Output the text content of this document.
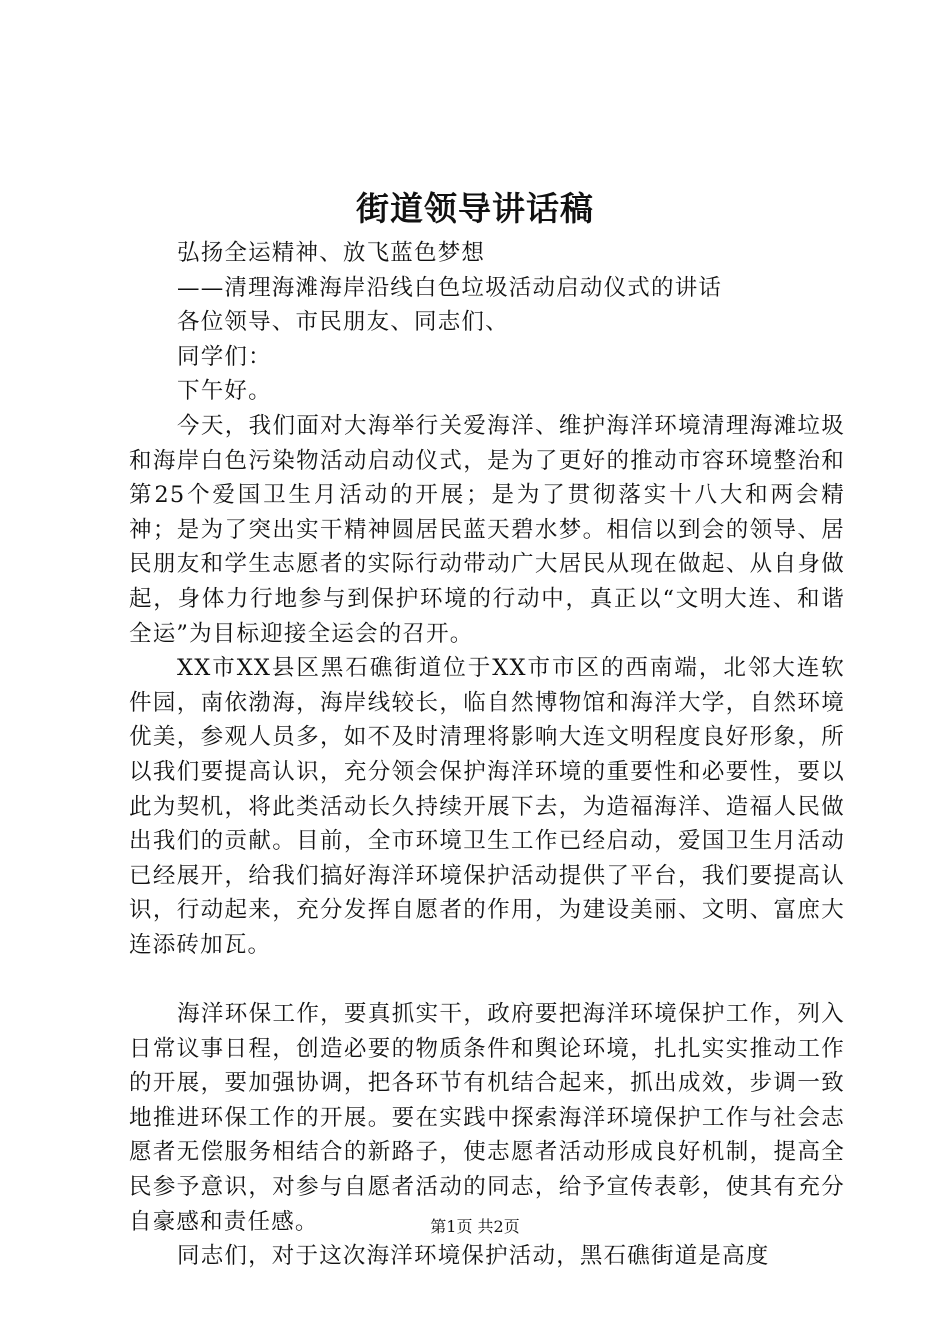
街道领导讲话稿
弘扬全运精神、放飞蓝色梦想
——清理海滩海岸沿线白色垃圾活动启动仪式的讲话
各位领导、市民朋友、同志们、
同学们：
下午好。

今天，我们面对大海举行关爱海洋、维护海洋环境清理海滩垃圾和海岸白色污染物活动启动仪式，是为了更好的推动市容环境整治和第25个爱国卫生月活动的开展；是为了贯彻落实十八大和两会精神；是为了突出实干精神圆居民蓝天碧水梦。相信以到会的领导、居民朋友和学生志愿者的实际行动带动广大居民从现在做起、从自身做起，身体力行地参与到保护环境的行动中，真正以“文明大连、和谐全运”为目标迎接全运会的召开。

XX市XX县区黑石礁街道位于XX市市区的西南端，北邻大连软件园，南依渤海，海岸线较长，临自然博物馆和海洋大学，自然环境优美，参观人员多，如不及时清理将影响大连文明程度良好形象，所以我们要提高认识，充分领会保护海洋环境的重要性和必要性，要以此为契机，将此类活动长久持续开展下去，为造福海洋、造福人民做出我们的贡献。目前，全市环境卫生工作已经启动，爱国卫生月活动已经展开，给我们搞好海洋环境保护活动提供了平台，我们要提高认识，行动起来，充分发挥自愿者的作用，为建设美丽、文明、富庶大连添砖加瓦。

海洋环保工作，要真抓实干，政府要把海洋环境保护工作，列入日常议事日程，创造必要的物质条件和舆论环境，扎扎实实推动工作的开展，要加强协调，把各环节有机结合起来，抓出成效，步调一致地推进环保工作的开展。要在实践中探索海洋环境保护工作与社会志愿者无偿服务相结合的新路子，使志愿者活动形成良好机制，提高全民参予意识，对参与自愿者活动的同志，给予宣传表彰，使其有充分自豪感和责任感。

同志们，对于这次海洋环境保护活动，黑石礁街道是高度

第1页 共2页
